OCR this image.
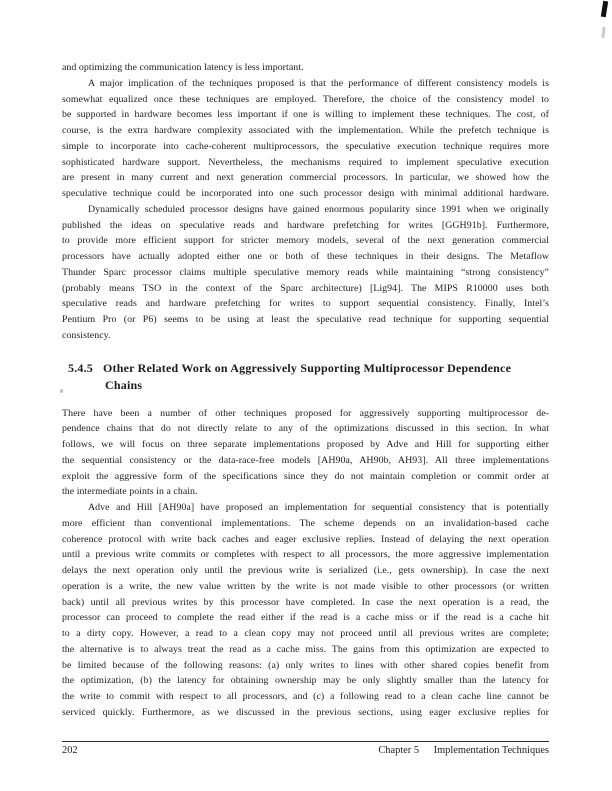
and optimizing the communication latency is less important.
A major implication of the techniques proposed is that the performance of different consistency models is
somewhat equalized once these techniques are employed. Therefore, the choice of the consistency model to
be supported in hardware becomes less important if one is willing to implement these techniques. The cost, of
course, is the extra hardware complexity associated with the implementation. While the prefetch technique is
simple to incorporate into cache-coherent multiprocessors, the speculative execution technique requires more
sophisticated hardware support. Nevertheless, the mechanisms required to implement speculative execution
are present in many current and next generation commercial processors. In particular, we showed how the
speculative technique could be incorporated into one such processor design with minimal additional hardware.
Dynamically scheduled processor designs have gained enormous popularity since 1991 when we originally
published the ideas on speculative reads and hardware prefetching for writes [GGH91b]. Furthermore,
to provide more efficient support for stricter memory models, several of the next generation commercial
processors have actually adopted either one or both of these techniques in their designs. The Metaflow
Thunder Sparc processor claims multiple speculative memory reads while maintaining “strong consistency”
(probably means TSO in the context of the Sparc architecture) [Lig94]. The MIPS R10000 uses both
speculative reads and hardware prefetching for writes to support sequential consistency. Finally, Intel’s
Pentium Pro (or P6) seems to be using at least the speculative read technique for supporting sequential
consistency.
5.4.5 Other Related Work on Aggressively Supporting Multiprocessor Dependence
Chains
There have been a number of other techniques proposed for aggressively supporting multiprocessor de-
pendence chains that do not directly relate to any of the optimizations discussed in this section. In what
follows, we will focus on three separate implementations proposed by Adve and Hill for supporting either
the sequential consistency or the data-race-free models [AH90a, AH90b, AH93]. All three implementations
exploit the aggressive form of the specifications since they do not maintain completion or commit order at
the intermediate points in a chain.
Adve and Hill [AH90a] have proposed an implementation for sequential consistency that is potentially
more efficient than conventional implementations. The scheme depends on an invalidation-based cache
coherence protocol with write back caches and eager exclusive replies. Instead of delaying the next operation
until a previous write commits or completes with respect to all processors, the more aggressive implementation
delays the next operation only until the previous write is serialized (i.e., gets ownership). In case the next
operation is a write, the new value written by the write is not made visible to other processors (or written
back) until all previous writes by this processor have completed. In case the next operation is a read, the
processor can proceed to complete the read either if the read is a cache miss or if the read is a cache hit
to a dirty copy. However, a read to a clean copy may not proceed until all previous writes are complete;
the alternative is to always treat the read as a cache miss. The gains from this optimization are expected to
be limited because of the following reasons: (a) only writes to lines with other shared copies benefit from
the optimization, (b) the latency for obtaining ownership may be only slightly smaller than the latency for
the write to commit with respect to all processors, and (c) a following read to a clean cache line cannot be
serviced quickly. Furthermore, as we discussed in the previous sections, using eager exclusive replies for
202	Chapter 5 Implementation Techniques
